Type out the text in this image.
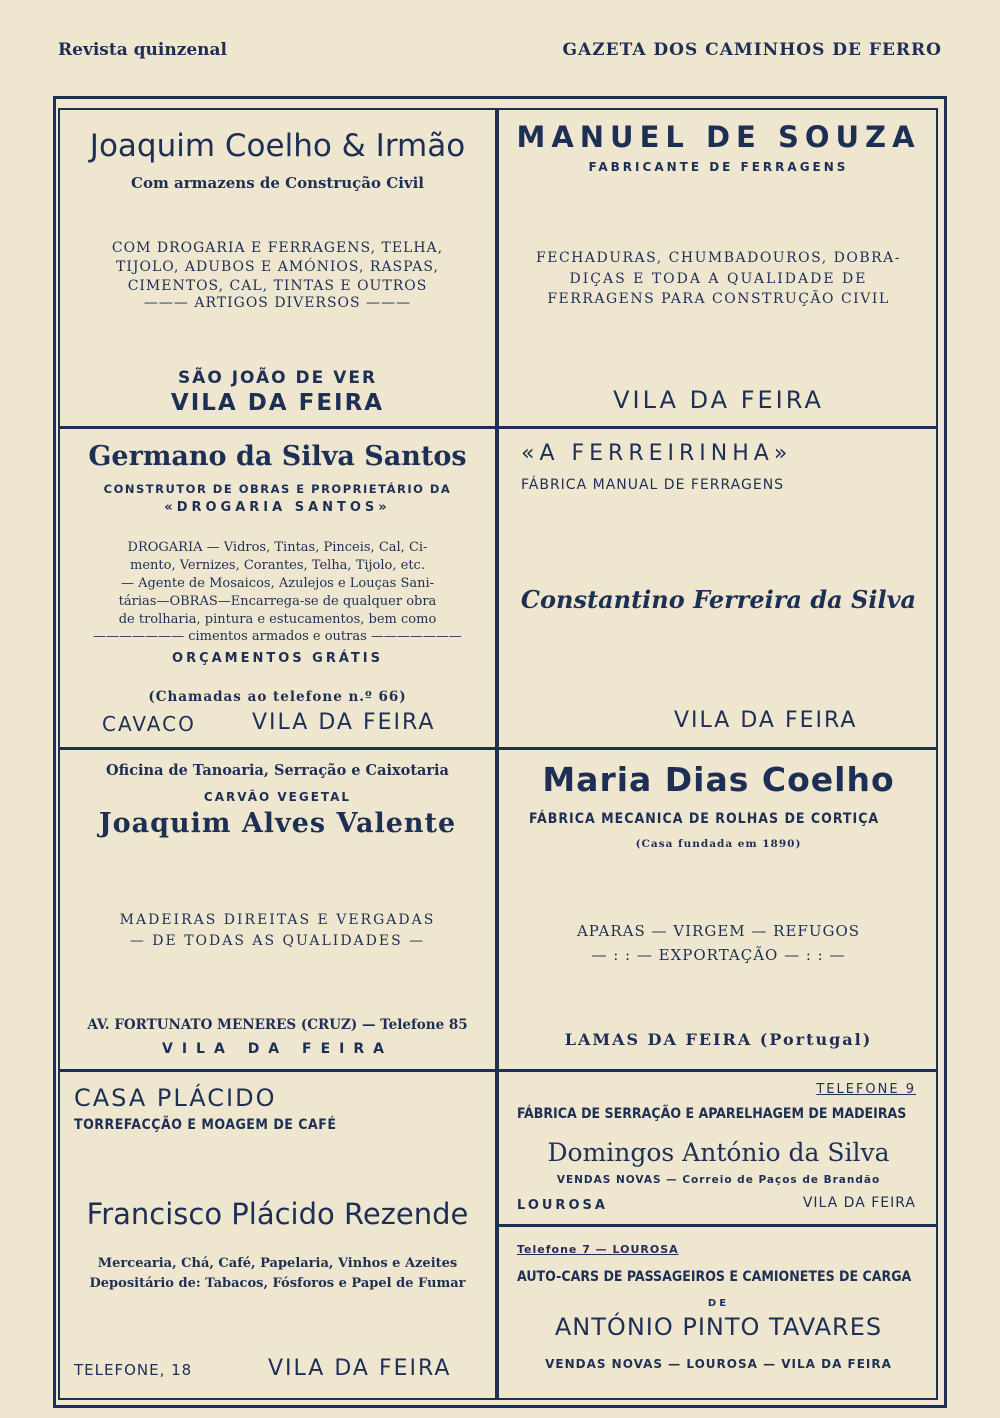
Revista quinzenal	GAZETA DOS CAMINHOS DE FERRO

Joaquim Coelho & Irmão

Com armazens de Construção Civil

COM DROGARIA E FERRAGENS, TELHA,

TIJOLO, ADUBOS E AMÓNIOS, RASPAS,

CIMENTOS, CAL, TINTAS E OUTROS

——— ARTIGOS DIVERSOS ———

SÃO JOÃO DE VER

VILA DA FEIRA

MANUEL DE SOUZA

FABRICANTE DE FERRAGENS

FECHADURAS, CHUMBADOUROS, DOBRA-

DIÇAS E TODA A QUALIDADE DE

FERRAGENS PARA CONSTRUÇÃO CIVIL

VILA DA FEIRA

Germano da Silva Santos

CONSTRUTOR DE OBRAS E PROPRIETÁRIO DA

«DROGARIA SANTOS»

DROGARIA — Vidros, Tintas, Pinceis, Cal, Ci-

mento, Vernizes, Corantes, Telha, Tijolo, etc.

— Agente de Mosaicos, Azulejos e Louças Sani-

tárias—OBRAS—Encarrega-se de qualquer obra

de trolharia, pintura e estucamentos, bem como

——————— cimentos armados e outras ———————

ORÇAMENTOS GRÁTIS

(Chamadas ao telefone n.º 66)

CAVACO	VILA DA FEIRA

«A FERREIRINHA»

FÁBRICA MANUAL DE FERRAGENS

Constantino Ferreira da Silva

VILA DA FEIRA

Oficina de Tanoaria, Serração e Caixotaria

CARVÃO VEGETAL

Joaquim Alves Valente

MADEIRAS DIREITAS E VERGADAS

— DE TODAS AS QUALIDADES —

AV. FORTUNATO MENERES (CRUZ) — Telefone 85

VILA DA FEIRA

Maria Dias Coelho

FÁBRICA MECANICA DE ROLHAS DE CORTIÇA

(Casa fundada em 1890)

APARAS — VIRGEM — REFUGOS

— : : — EXPORTAÇÃO — : : —

LAMAS DA FEIRA (Portugal)

CASA PLÁCIDO

TORREFACÇÃO E MOAGEM DE CAFÉ

Francisco Plácido Rezende

Mercearia, Chá, Café, Papelaria, Vinhos e Azeites

Depositário de: Tabacos, Fósforos e Papel de Fumar

TELEFONE, 18	VILA DA FEIRA

TELEFONE 9

FÁBRICA DE SERRAÇÃO E APARELHAGEM DE MADEIRAS

Domingos António da Silva

VENDAS NOVAS — Correio de Paços de Brandão

LOUROSA	VILA DA FEIRA

Telefone 7 — LOUROSA

AUTO-CARS DE PASSAGEIROS E CAMIONETES DE CARGA

DE

ANTÓNIO PINTO TAVARES

VENDAS NOVAS — LOUROSA — VILA DA FEIRA
